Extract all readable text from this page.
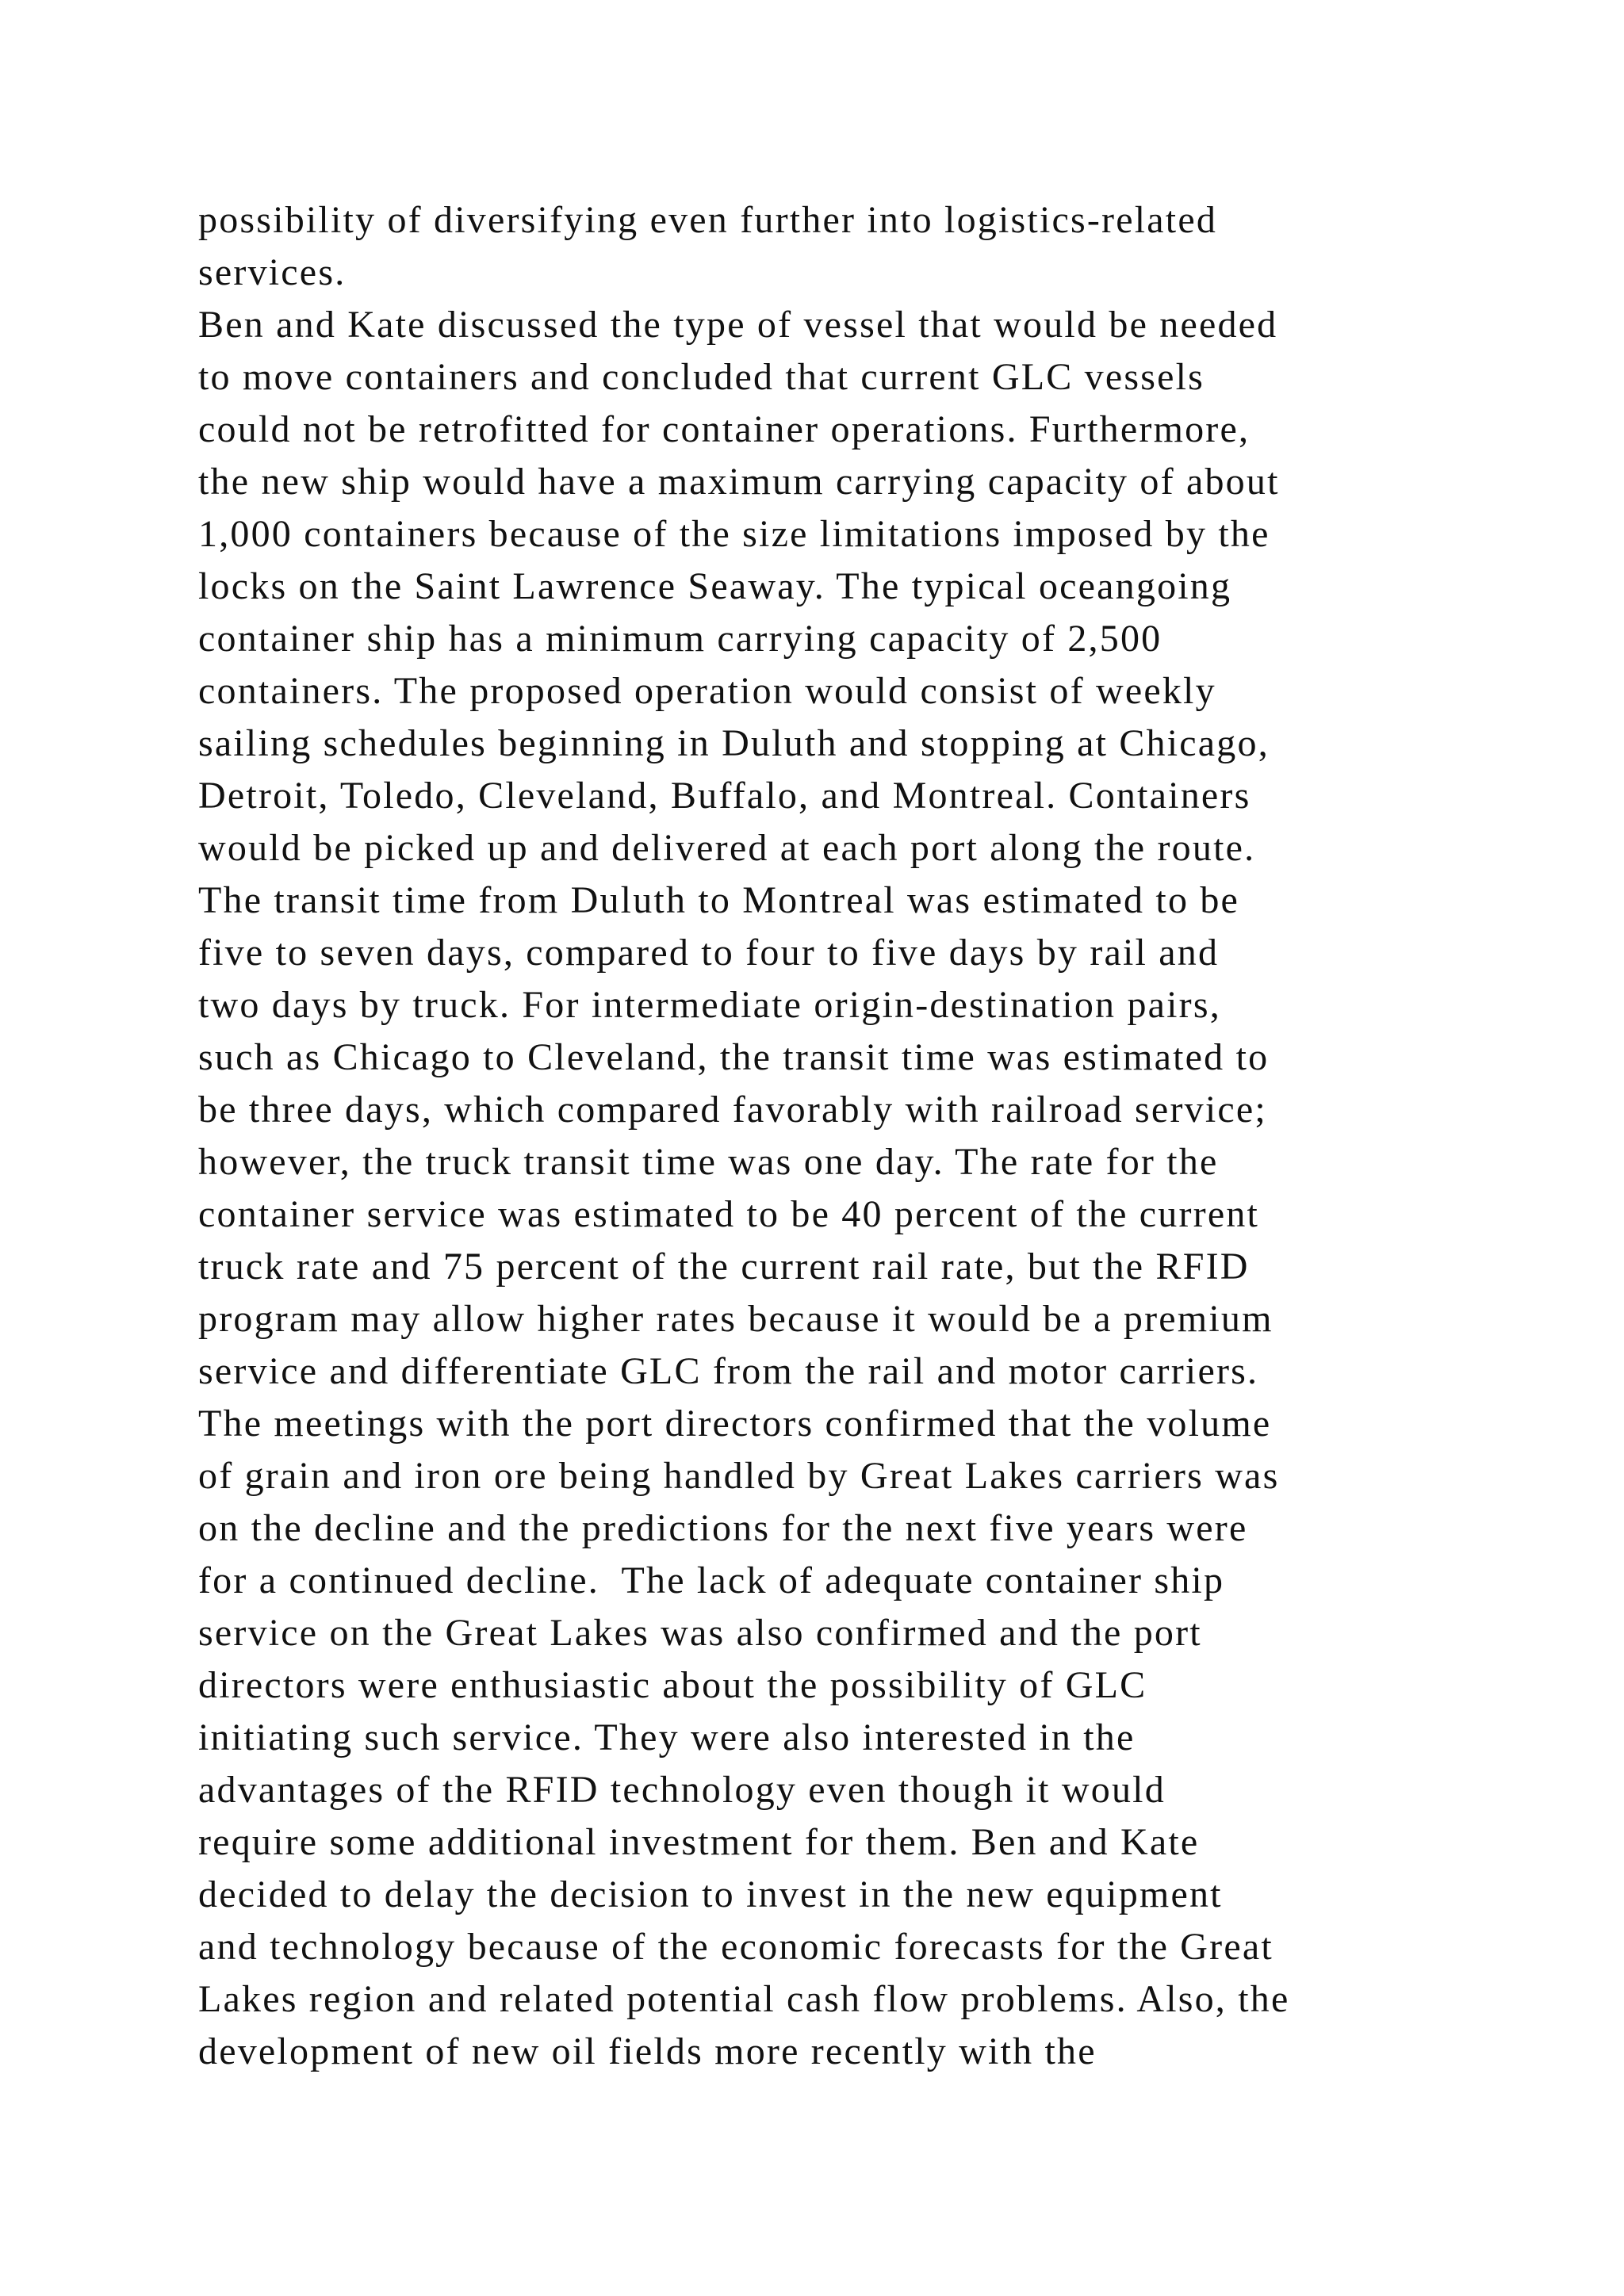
possibility of diversifying even further into logistics-related
services.
Ben and Kate discussed the type of vessel that would be needed
to move containers and concluded that current GLC vessels
could not be retrofitted for container operations. Furthermore,
the new ship would have a maximum carrying capacity of about
1,000 containers because of the size limitations imposed by the
locks on the Saint Lawrence Seaway. The typical oceangoing
container ship has a minimum carrying capacity of 2,500
containers. The proposed operation would consist of weekly
sailing schedules beginning in Duluth and stopping at Chicago,
Detroit, Toledo, Cleveland, Buffalo, and Montreal. Containers
would be picked up and delivered at each port along the route.
The transit time from Duluth to Montreal was estimated to be
five to seven days, compared to four to five days by rail and
two days by truck. For intermediate origin-destination pairs,
such as Chicago to Cleveland, the transit time was estimated to
be three days, which compared favorably with railroad service;
however, the truck transit time was one day. The rate for the
container service was estimated to be 40 percent of the current
truck rate and 75 percent of the current rail rate, but the RFID
program may allow higher rates because it would be a premium
service and differentiate GLC from the rail and motor carriers.
The meetings with the port directors confirmed that the volume
of grain and iron ore being handled by Great Lakes carriers was
on the decline and the predictions for the next five years were
for a continued decline.  The lack of adequate container ship
service on the Great Lakes was also confirmed and the port
directors were enthusiastic about the possibility of GLC
initiating such service. They were also interested in the
advantages of the RFID technology even though it would
require some additional investment for them. Ben and Kate
decided to delay the decision to invest in the new equipment
and technology because of the economic forecasts for the Great
Lakes region and related potential cash flow problems. Also, the
development of new oil fields more recently with the
